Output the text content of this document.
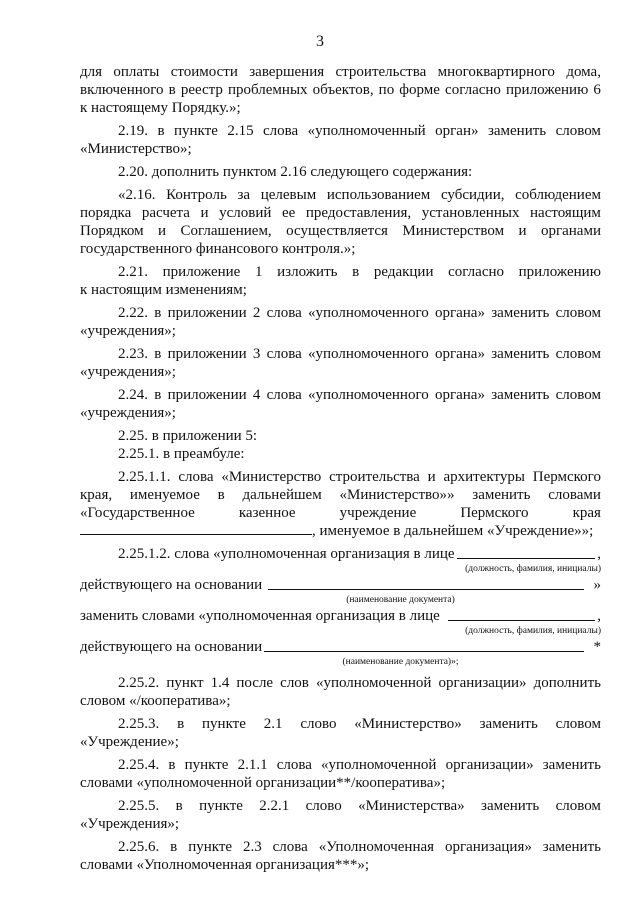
3
для оплаты стоимости завершения строительства многоквартирного дома,
включенного в реестр проблемных объектов, по форме согласно приложению 6
к настоящему Порядку.»;
2.19. в пункте 2.15 слова «уполномоченный орган» заменить словом
«Министерство»;
2.20. дополнить пунктом 2.16 следующего содержания:
«2.16. Контроль за целевым использованием субсидии, соблюдением
порядка расчета и условий ее предоставления, установленных настоящим
Порядком и Соглашением, осуществляется Министерством и органами
государственного финансового контроля.»;
2.21. приложение 1 изложить в редакции согласно приложению
к настоящим изменениям;
2.22. в приложении 2 слова «уполномоченного органа» заменить словом
«учреждения»;
2.23. в приложении 3 слова «уполномоченного органа» заменить словом
«учреждения»;
2.24. в приложении 4 слова «уполномоченного органа» заменить словом
«учреждения»;
2.25. в приложении 5:
2.25.1. в преамбуле:
2.25.1.1. слова «Министерство строительства и архитектуры Пермского
края, именуемое в дальнейшем «Министерство»» заменить словами
«Государственное	казенное	учреждение	Пермского	края
, именуемое в дальнейшем «Учреждение»»;
2.25.1.2. слова «уполномоченная организация в лице	,
(должность, фамилия, инициалы)
действующего на основании	»
(наименование документа)
заменить словами «уполномоченная организация в лице	,
(должность, фамилия, инициалы)
действующего на основании	*
(наименование документа)»;
2.25.2. пункт 1.4 после слов «уполномоченной организации» дополнить
словом «/кооператива»;
2.25.3. в пункте 2.1 слово «Министерство» заменить словом
«Учреждение»;
2.25.4. в пункте 2.1.1 слова «уполномоченной организации» заменить
словами «уполномоченной организации**/кооператива»;
2.25.5. в пункте 2.2.1 слово «Министерства» заменить словом
«Учреждения»;
2.25.6. в пункте 2.3 слова «Уполномоченная организация» заменить
словами «Уполномоченная организация***»;
